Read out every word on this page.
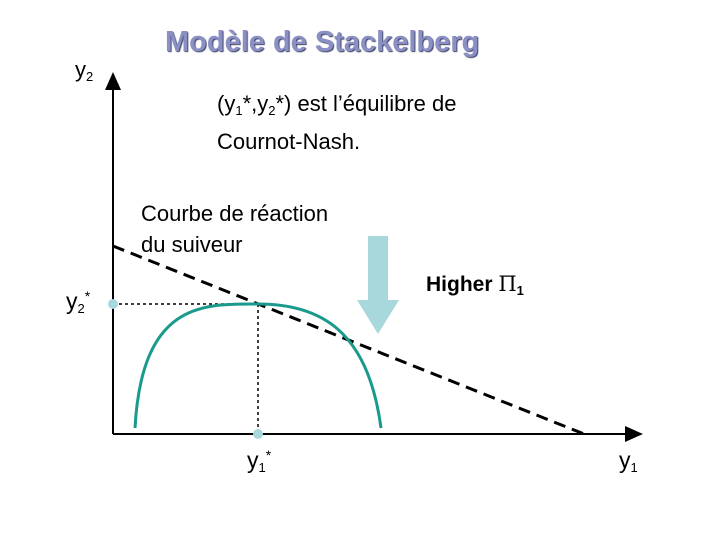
Modèle de Stackelberg
$(y_1*,y_2*)$ est l’équilibre de
Cournot-Nash.
Courbe de réaction
du suiveur
$y_2$
$y_1$
$y_2^*$
$y_1^*$
Higher $\Pi_1$
